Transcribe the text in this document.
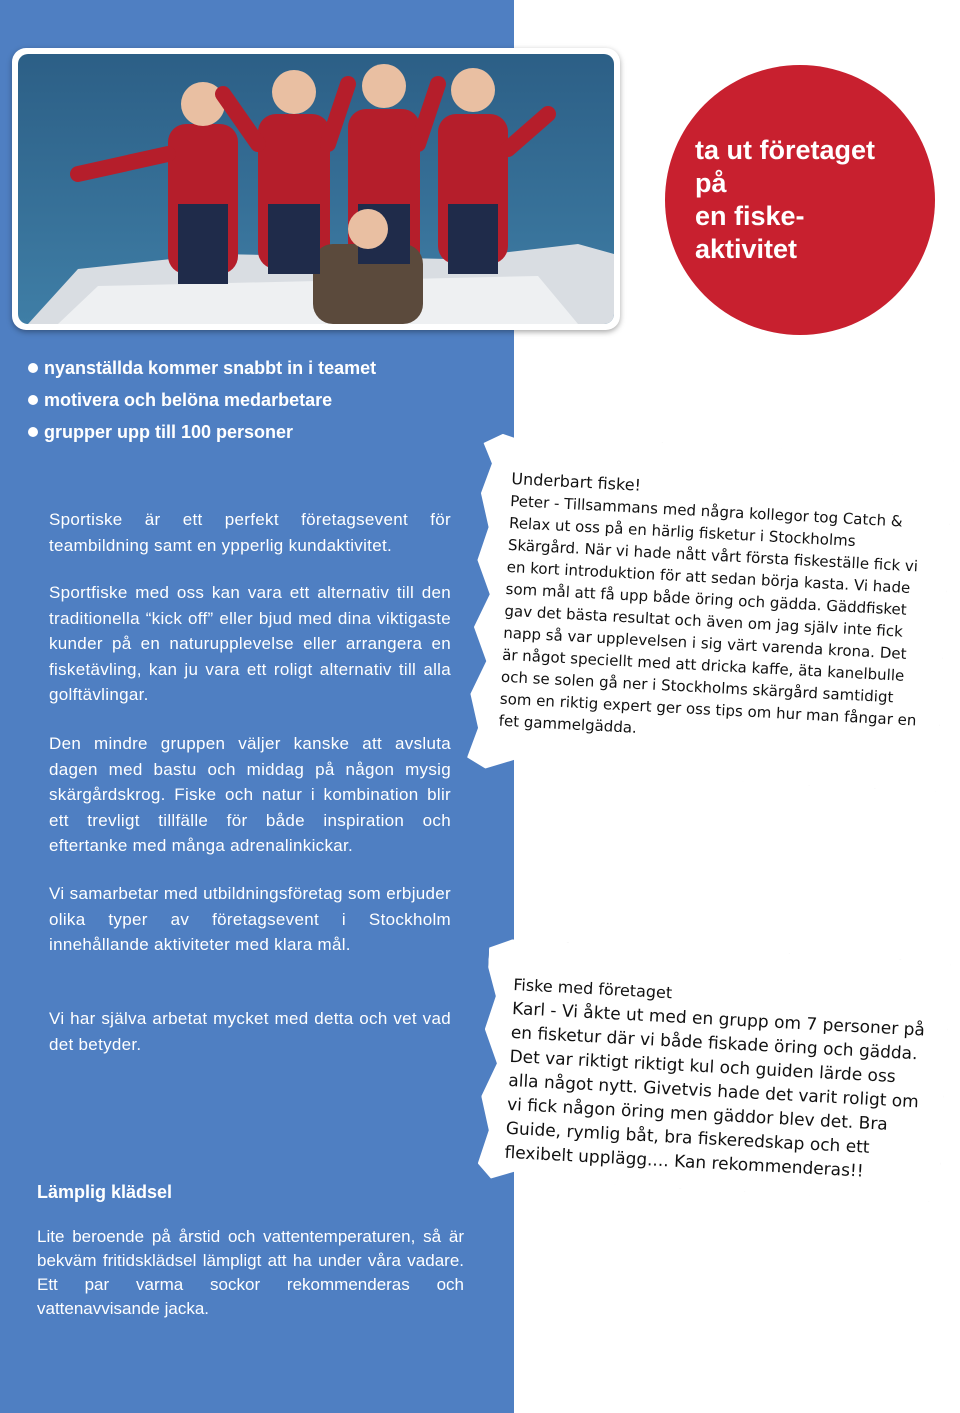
ta ut företaget på
en fiske-aktivitet
nyanställda kommer snabbt in i teamet
motivera och belöna medarbetare
grupper upp till 100 personer

Sportiske är ett perfekt företagsevent för teambildning samt en ypperlig kundaktivitet.

Sportfiske med oss kan vara ett alternativ till den traditionella “kick off” eller bjud med dina viktigaste kunder på en naturupplevelse eller arrangera en fisketävling, kan ju vara ett roligt alternativ till alla golftävlingar.

Den mindre gruppen väljer kanske att avsluta dagen med bastu och middag på någon mysig skärgårdskrog. Fiske och natur i kombination blir ett trevligt tillfälle för både inspiration och eftertanke med många adrenalinkickar.

Vi samarbetar med utbildningsföretag som erbjuder olika typer av företagsevent i Stockholm innehållande aktiviteter med klara mål.

Vi har själva arbetat mycket med detta och vet vad det betyder.

Lämplig klädsel

Lite beroende på årstid och vattentemperaturen, så är bekväm fritidsklädsel lämpligt att ha under våra vadare. Ett par varma sockor rekommenderas och vattenavvisande jacka.

Underbart fiske!
Peter - Tillsammans med några kollegor tog Catch & Relax ut oss på en härlig fisketur i Stockholms Skärgård. När vi hade nått vårt första fiskeställe fick vi en kort introduktion för att sedan börja kasta. Vi hade som mål att få upp både öring och gädda. Gäddfisket gav det bästa resultat och även om jag själv inte fick napp så var upplevelsen i sig värt varenda krona. Det är något speciellt med att dricka kaffe, äta kanelbulle och se solen gå ner i Stockholms skärgård samtidigt som en riktig expert ger oss tips om hur man fångar en fet gammelgädda.
Fiske med företaget
Karl - Vi åkte ut med en grupp om 7 personer på en fisketur där vi både fiskade öring och gädda. Det var riktigt riktigt kul och guiden lärde oss alla något nytt. Givetvis hade det varit roligt om vi fick någon öring men gäddor blev det. Bra Guide, rymlig båt, bra fiskeredskap och ett flexibelt upplägg.... Kan rekommenderas!!
